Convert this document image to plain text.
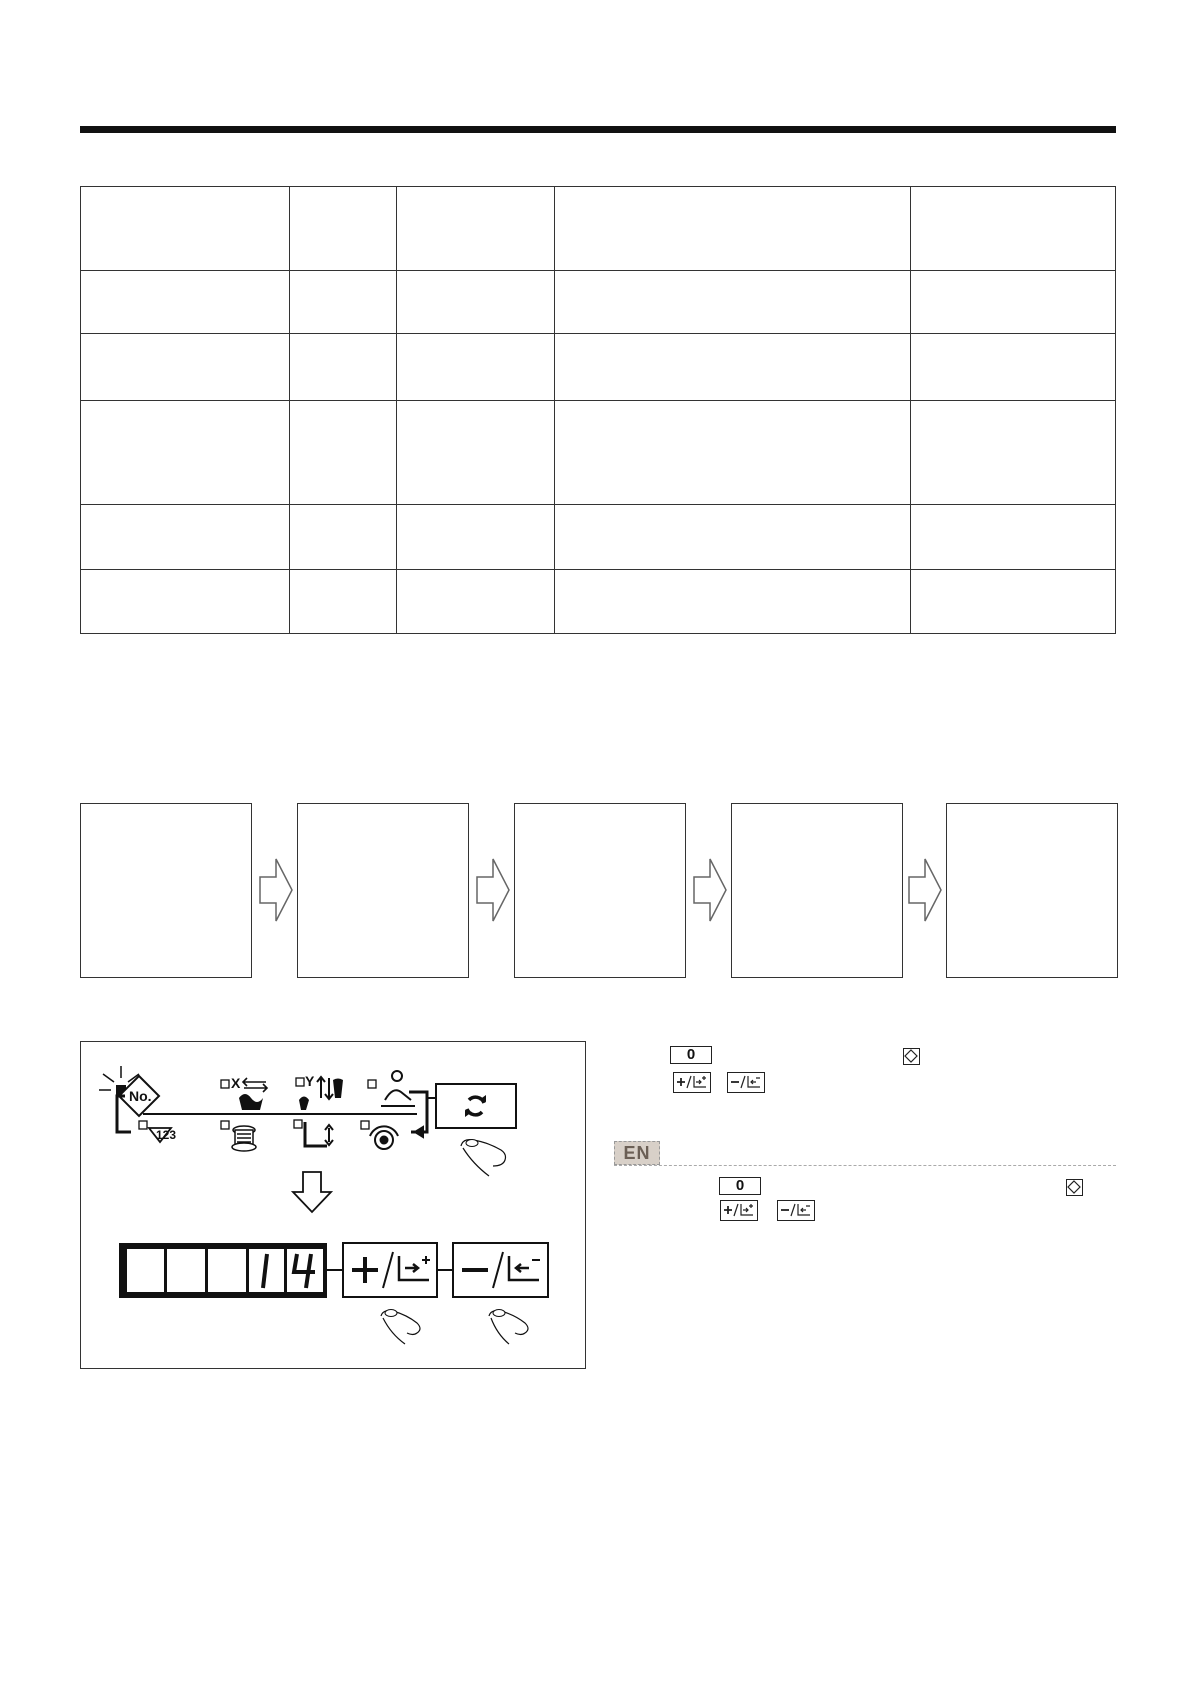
No.
X	Y
123
14
0
EN
0
